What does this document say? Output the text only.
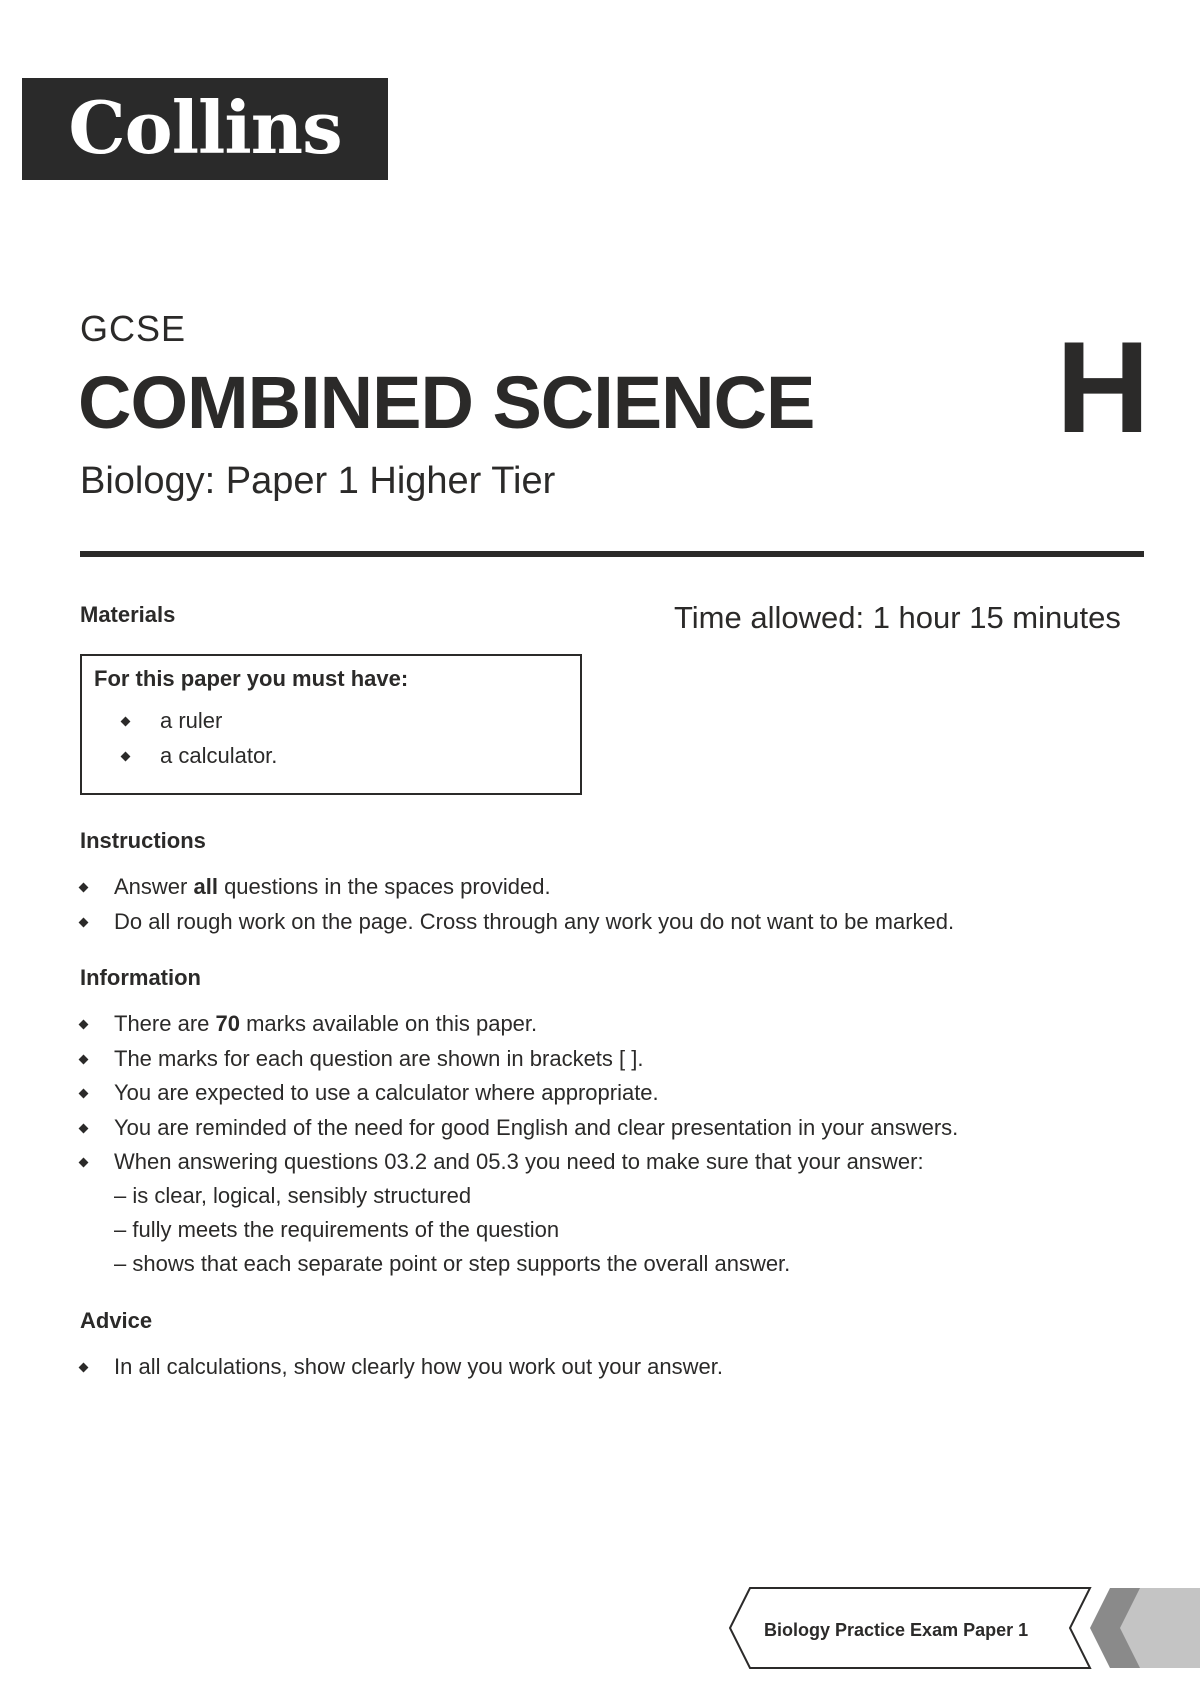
Collins
GCSE
COMBINED SCIENCE H
Biology: Paper 1 Higher Tier
Materials	Time allowed: 1 hour 15 minutes
For this paper you must have:
a ruler
a calculator.
Instructions
Answer all questions in the spaces provided.
Do all rough work on the page. Cross through any work you do not want to be marked.
Information
There are 70 marks available on this paper.
The marks for each question are shown in brackets [ ].
You are expected to use a calculator where appropriate.
You are reminded of the need for good English and clear presentation in your answers.
When answering questions 03.2 and 05.3 you need to make sure that your answer:
– is clear, logical, sensibly structured
– fully meets the requirements of the question
– shows that each separate point or step supports the overall answer.
Advice
In all calculations, show clearly how you work out your answer.
Biology Practice Exam Paper 1
